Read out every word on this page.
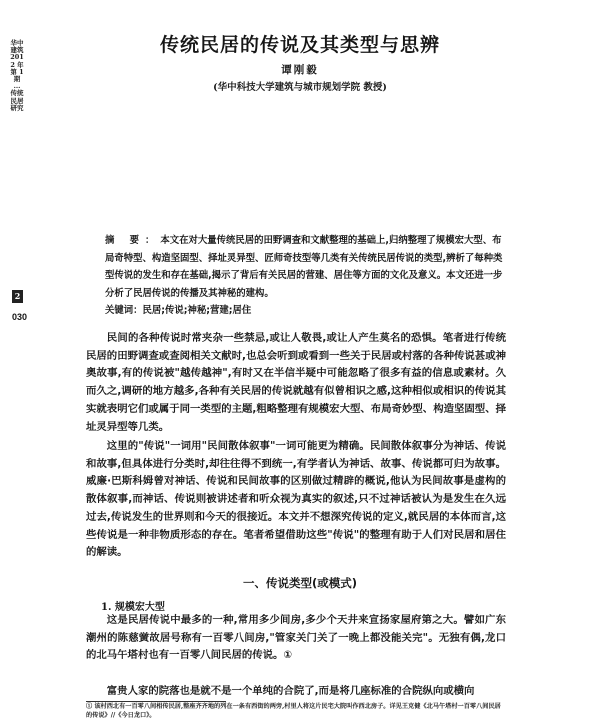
华中建筑 2012 年第 1 期 ... 传统民居研究
2
030
传统民居的传说及其类型与思辨
谭刚毅
(华中科技大学建筑与城市规划学院 教授)
摘 要：本文在对大量传统民居的田野调查和文献整理的基础上,归纳整理了规模宏大型、布局奇特型、构造坚固型、择址灵异型、匠师奇技型等几类有关传统民居传说的类型,辨析了每种类型传说的发生和存在基础,揭示了背后有关民居的营建、居住等方面的文化及意义。本文还进一步分析了民居传说的传播及其神秘的建构。
关键词：民居;传说;神秘;营建;居住

民间的各种传说时常夹杂一些禁忌,或让人敬畏,或让人产生莫名的恐惧。笔者进行传统民居的田野调查或查阅相关文献时,也总会听到或看到一些关于民居或村落的各种传说甚或神奥故事,有的传说被"越传越神",有时又在半信半疑中可能忽略了很多有益的信息或素材。久而久之,调研的地方越多,各种有关民居的传说就越有似曾相识之感,这种相似或相识的传说其实就表明它们或属于同一类型的主题,粗略整理有规模宏大型、布局奇妙型、构造坚固型、择址灵异型等几类。

这里的"传说"一词用"民间散体叙事"一词可能更为精确。民间散体叙事分为神话、传说和故事,但具体进行分类时,却往往得不到统一,有学者认为神话、故事、传说都可归为故事。威廉·巴斯科姆曾对神话、传说和民间故事的区别做过精辟的概说,他认为民间故事是虚构的散体叙事,而神话、传说则被讲述者和听众视为真实的叙述,只不过神话被认为是发生在久远过去,传说发生的世界则和今天的很接近。本文并不想深究传说的定义,就民居的本体而言,这些传说是一种非物质形态的存在。笔者希望借助这些"传说"的整理有助于人们对民居和居住的解读。

一、传说类型(或模式)
1. 规模宏大型

这是民居传说中最多的一种,常用多少间房,多少个天井来宣扬家屋府第之大。譬如广东潮州的陈慈黉故居号称有一百零八间房,"管家关门关了一晚上都没能关完"。无独有偶,龙口的北马午塔村也有一百零八间民居的传说。①

富贵人家的院落也是就不是一个单纯的合院了,而是将几座标准的合院纵向或横向

① 该村西北有一百零八间相传民居,整座齐齐地的列在一条有西街的两旁,村里人将这片民宅大院叫作西北房子。详见王克健《北马午塔村一百零八间民居的传说》//《今日龙口》。
